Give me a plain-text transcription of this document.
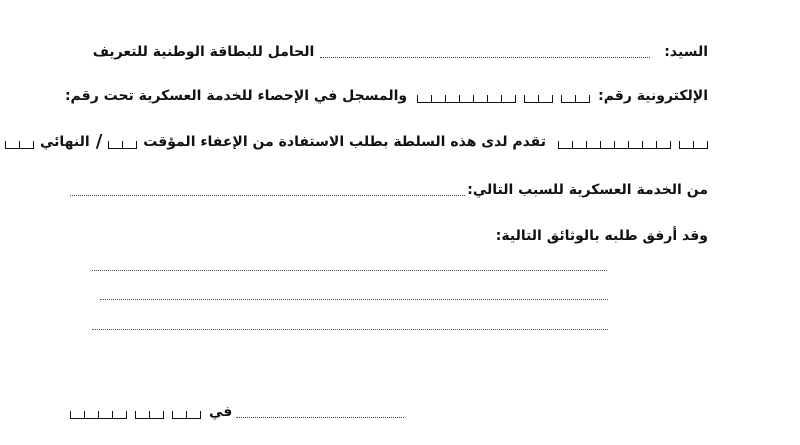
السيد:
الحامل للبطاقة الوطنية للتعريف
الإلكترونية رقم:
والمسجل في الإحصاء للخدمة العسكرية تحت رقم:
تقدم لدى هذه السلطة بطلب الاستفادة من الإعفاء المؤقت
/
النهائي
من الخدمة العسكرية للسبب التالي:
وقد أرفق طلبه بالوثائق التالية:
في
